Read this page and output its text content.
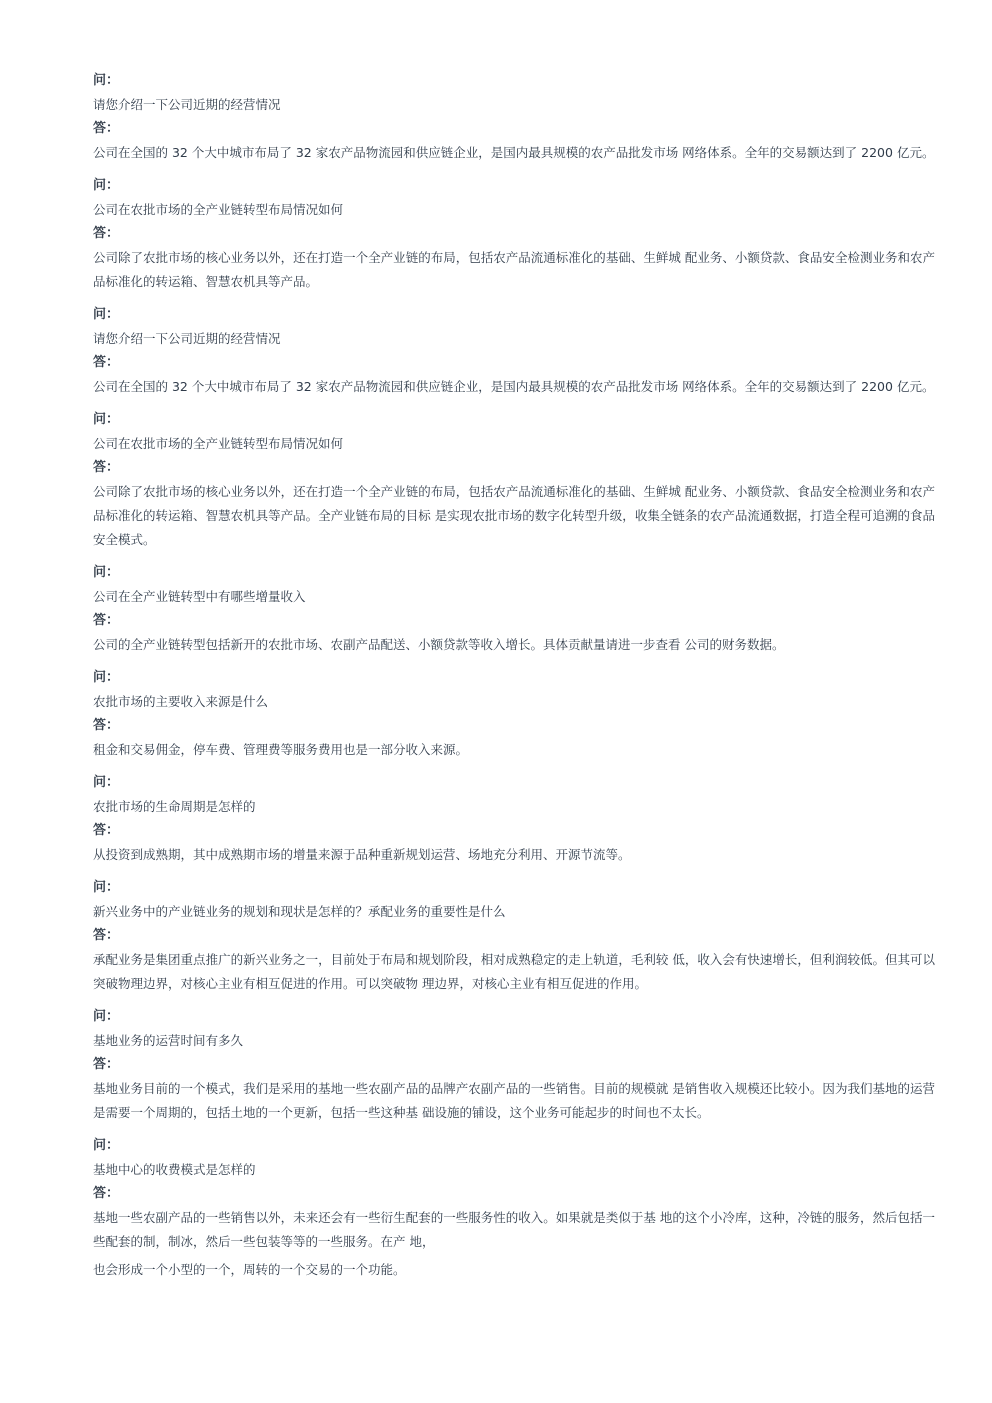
问：
请您介绍一下公司近期的经营情况
答：
公司在全国的 32 个大中城市布局了 32 家农产品物流园和供应链企业，是国内最具规模的农产品批发市场 网络体系。全年的交易额达到了 2200 亿元。
问：
公司在农批市场的全产业链转型布局情况如何
答：
公司除了农批市场的核心业务以外，还在打造一个全产业链的布局，包括农产品流通标准化的基础、生鲜城 配业务、小额贷款、食品安全检测业务和农产品标准化的转运箱、智慧农机具等产品。
问：
请您介绍一下公司近期的经营情况
答：
公司在全国的 32 个大中城市布局了 32 家农产品物流园和供应链企业，是国内最具规模的农产品批发市场 网络体系。全年的交易额达到了 2200 亿元。
问：
公司在农批市场的全产业链转型布局情况如何
答：
公司除了农批市场的核心业务以外，还在打造一个全产业链的布局，包括农产品流通标准化的基础、生鲜城 配业务、小额贷款、食品安全检测业务和农产品标准化的转运箱、智慧农机具等产品。全产业链布局的目标 是实现农批市场的数字化转型升级，收集全链条的农产品流通数据，打造全程可追溯的食品安全模式。
问：
公司在全产业链转型中有哪些增量收入
答：
公司的全产业链转型包括新开的农批市场、农副产品配送、小额贷款等收入增长。具体贡献量请进一步查看 公司的财务数据。
问：
农批市场的主要收入来源是什么
答：
租金和交易佣金，停车费、管理费等服务费用也是一部分收入来源。
问：
农批市场的生命周期是怎样的
答：
从投资到成熟期，其中成熟期市场的增量来源于品种重新规划运营、场地充分利用、开源节流等。
问：
新兴业务中的产业链业务的规划和现状是怎样的？承配业务的重要性是什么
答：
承配业务是集团重点推广的新兴业务之一，目前处于布局和规划阶段，相对成熟稳定的走上轨道，毛利较 低，收入会有快速增长，但利润较低。但其可以突破物理边界，对核心主业有相互促进的作用。可以突破物 理边界，对核心主业有相互促进的作用。
问：
基地业务的运营时间有多久
答：
基地业务目前的一个模式，我们是采用的基地一些农副产品的品牌产农副产品的一些销售。目前的规模就 是销售收入规模还比较小。因为我们基地的运营是需要一个周期的，包括土地的一个更新，包括一些这种基 础设施的铺设，这个业务可能起步的时间也不太长。
问：
基地中心的收费模式是怎样的
答：
基地一些农副产品的一些销售以外，未来还会有一些衍生配套的一些服务性的收入。如果就是类似于基 地的这个小冷库，这种，冷链的服务，然后包括一些配套的制，制冰，然后一些包装等等的一些服务。在产 地，
也会形成一个小型的一个，周转的一个交易的一个功能。
